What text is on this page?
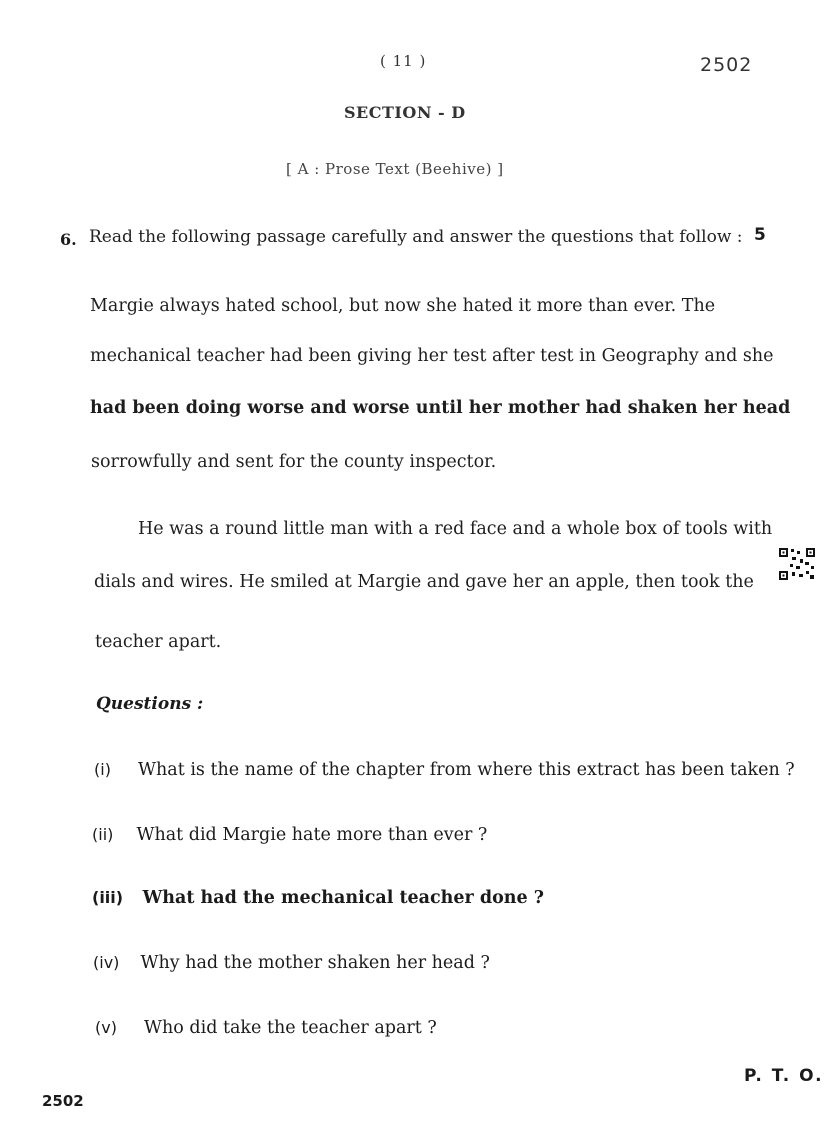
( 11 )	2502
SECTION - D
[ A : Prose Text (Beehive) ]
6. Read the following passage carefully and answer the questions that follow : 5
Margie always hated school, but now she hated it more than ever. The
mechanical teacher had been giving her test after test in Geography and she
had been doing worse and worse until her mother had shaken her head
sorrowfully and sent for the county inspector.
He was a round little man with a red face and a whole box of tools with
dials and wires. He smiled at Margie and gave her an apple, then took the
teacher apart.
Questions :
(i) What is the name of the chapter from where this extract has been taken ?
(ii) What did Margie hate more than ever ?
(iii) What had the mechanical teacher done ?
(iv) Why had the mother shaken her head ?
(v) Who did take the teacher apart ?
P. T. O.
2502
